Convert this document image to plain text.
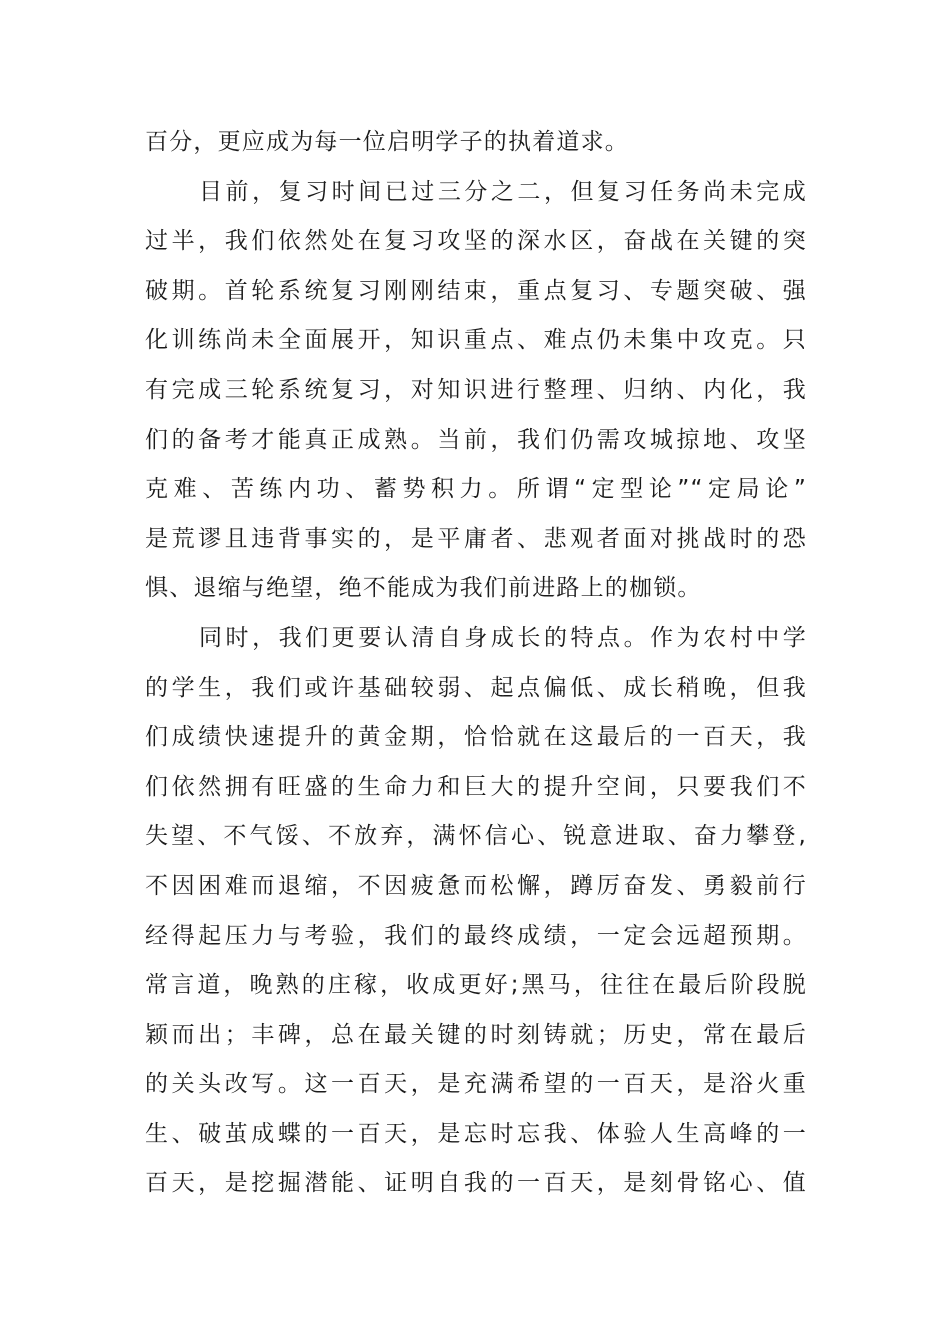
百分，更应成为每一位启明学子的执着道求。
目前，复习时间已过三分之二，但复习任务尚未完成
过半，我们依然处在复习攻坚的深水区，奋战在关键的突
破期。首轮系统复习刚刚结束，重点复习、专题突破、强
化训练尚未全面展开，知识重点、难点仍未集中攻克。只
有完成三轮系统复习，对知识进行整理、归纳、内化，我
们的备考才能真正成熟。当前，我们仍需攻城掠地、攻坚
克难、苦练内功、蓄势积力。所谓“定型论”“定局论”
是荒谬且违背事实的，是平庸者、悲观者面对挑战时的恐
惧、退缩与绝望，绝不能成为我们前进路上的枷锁。
同时，我们更要认清自身成长的特点。作为农村中学
的学生，我们或许基础较弱、起点偏低、成长稍晚，但我
们成绩快速提升的黄金期，恰恰就在这最后的一百天，我
们依然拥有旺盛的生命力和巨大的提升空间，只要我们不
失望、不气馁、不放弃，满怀信心、锐意进取、奋力攀登,
不因困难而退缩，不因疲惫而松懈，蹲厉奋发、勇毅前行
经得起压力与考验，我们的最终成绩，一定会远超预期。
常言道，晚熟的庄稼，收成更好;黑马，往往在最后阶段脱
颖而出；丰碑，总在最关键的时刻铸就；历史，常在最后
的关头改写。这一百天，是充满希望的一百天，是浴火重
生、破茧成蝶的一百天，是忘时忘我、体验人生高峰的一
百天，是挖掘潜能、证明自我的一百天，是刻骨铭心、值
